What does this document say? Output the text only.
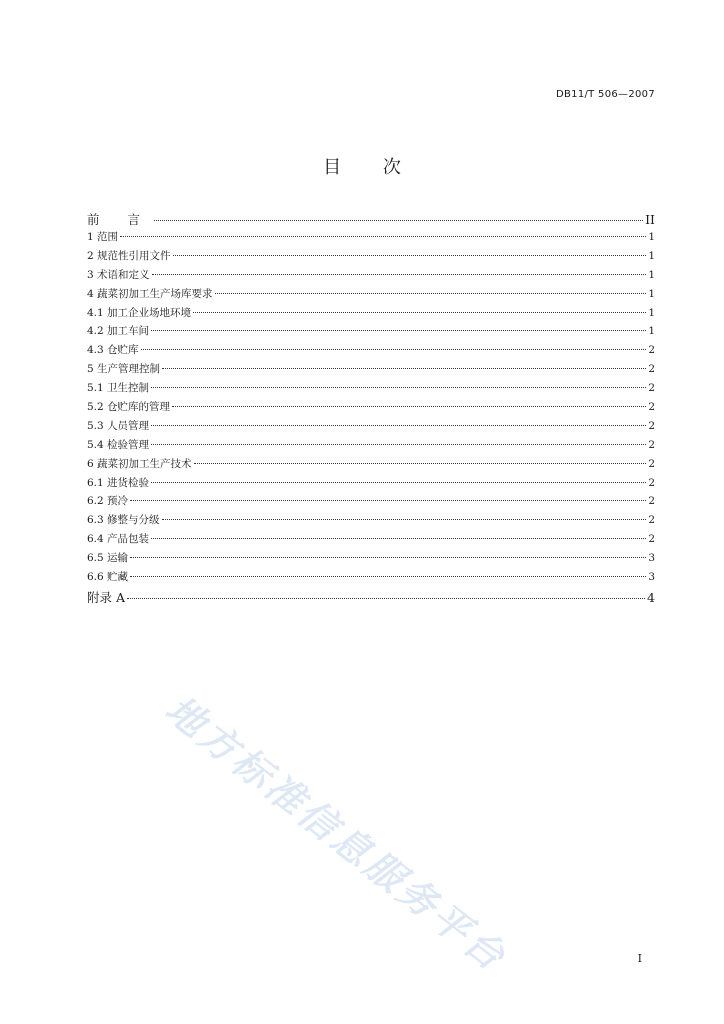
DB11/T 506—2007
目 次
前 言	II
1 范围	1
2 规范性引用文件	1
3 术语和定义	1
4 蔬菜初加工生产场库要求	1
4.1 加工企业场地环境	1
4.2 加工车间	1
4.3 仓贮库	2
5 生产管理控制	2
5.1 卫生控制	2
5.2 仓贮库的管理	2
5.3 人员管理	2
5.4 检验管理	2
6 蔬菜初加工生产技术	2
6.1 进货检验	2
6.2 预冷	2
6.3 修整与分级	2
6.4 产品包装	2
6.5 运输	3
6.6 贮藏	3
附录 A	4
地方标准信息服务平台	I
